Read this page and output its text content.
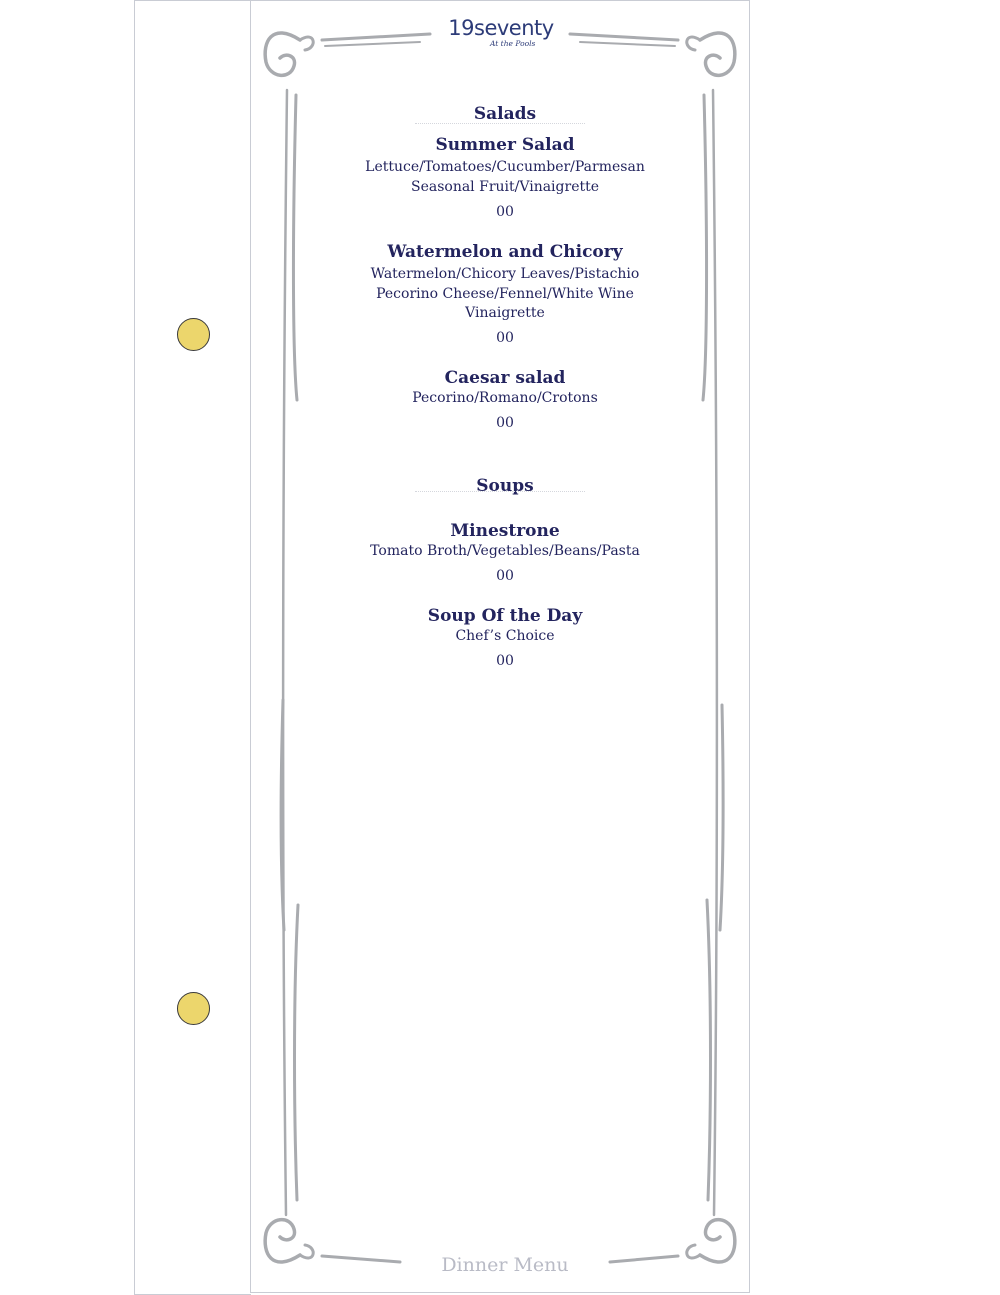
19seventy
At the Pools
Salads
Summer Salad
Lettuce/Tomatoes/Cucumber/Parmesan
Seasonal Fruit/Vinaigrette
00
Watermelon and Chicory
Watermelon/Chicory Leaves/Pistachio
Pecorino Cheese/Fennel/White Wine
Vinaigrette
00
Caesar salad
Pecorino/Romano/Crotons
00
Soups
Minestrone
Tomato Broth/Vegetables/Beans/Pasta
00
Soup Of the Day
Chef’s Choice
00
Dinner Menu
